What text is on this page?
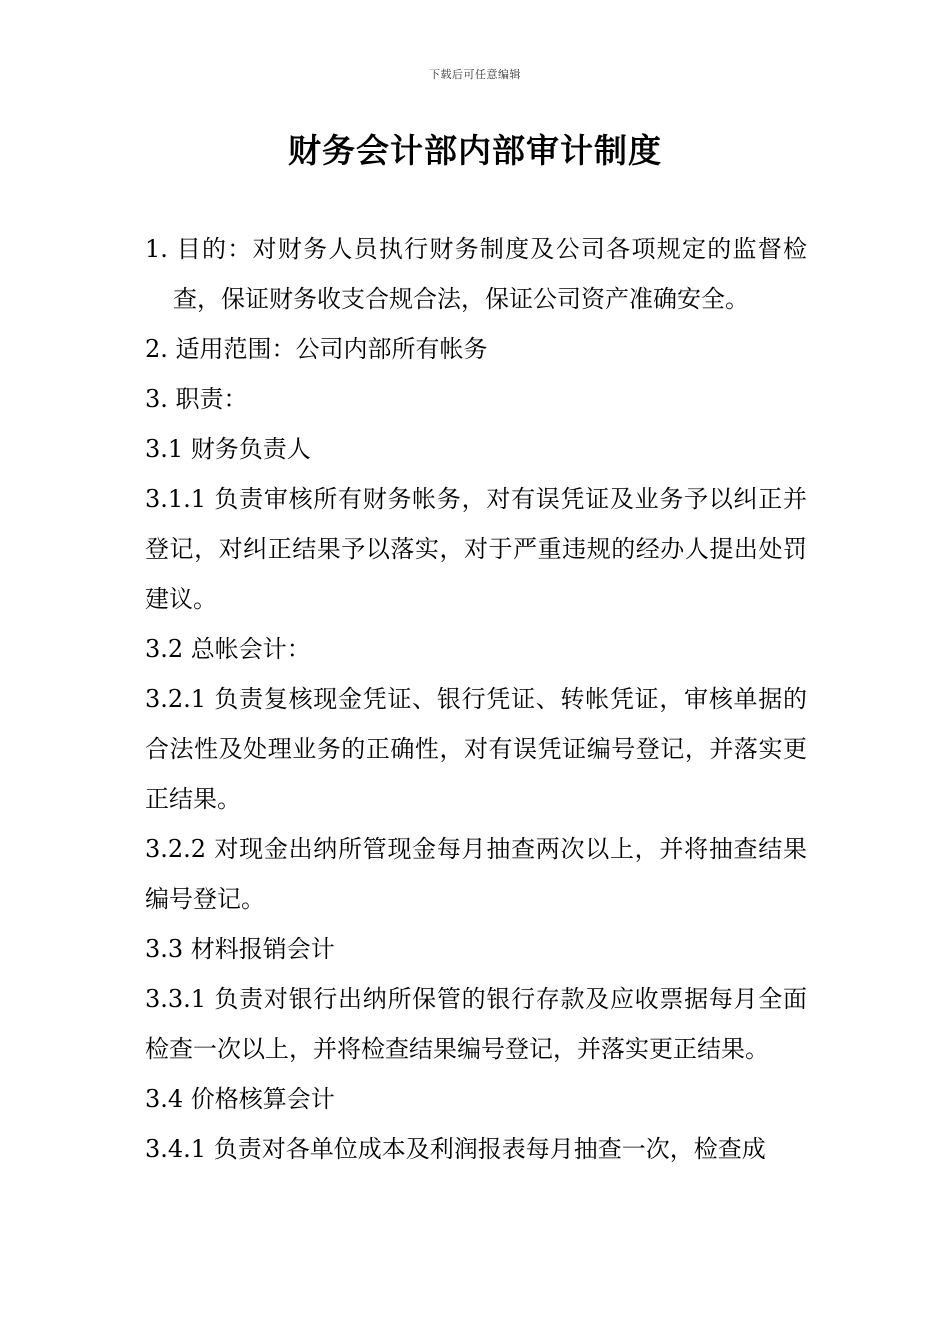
下载后可任意编辑
财务会计部内部审计制度

1. 目的：对财务人员执行财务制度及公司各项规定的监督检查，保证财务收支合规合法，保证公司资产准确安全。

2. 适用范围：公司内部所有帐务

3. 职责：

3.1 财务负责人

3.1.1 负责审核所有财务帐务，对有误凭证及业务予以纠正并登记，对纠正结果予以落实，对于严重违规的经办人提出处罚建议。

3.2 总帐会计：

3.2.1 负责复核现金凭证、银行凭证、转帐凭证，审核单据的合法性及处理业务的正确性，对有误凭证编号登记，并落实更正结果。

3.2.2 对现金出纳所管现金每月抽查两次以上，并将抽查结果编号登记。

3.3 材料报销会计

3.3.1 负责对银行出纳所保管的银行存款及应收票据每月全面检查一次以上，并将检查结果编号登记，并落实更正结果。

3.4 价格核算会计

3.4.1 负责对各单位成本及利润报表每月抽查一次，检查成
